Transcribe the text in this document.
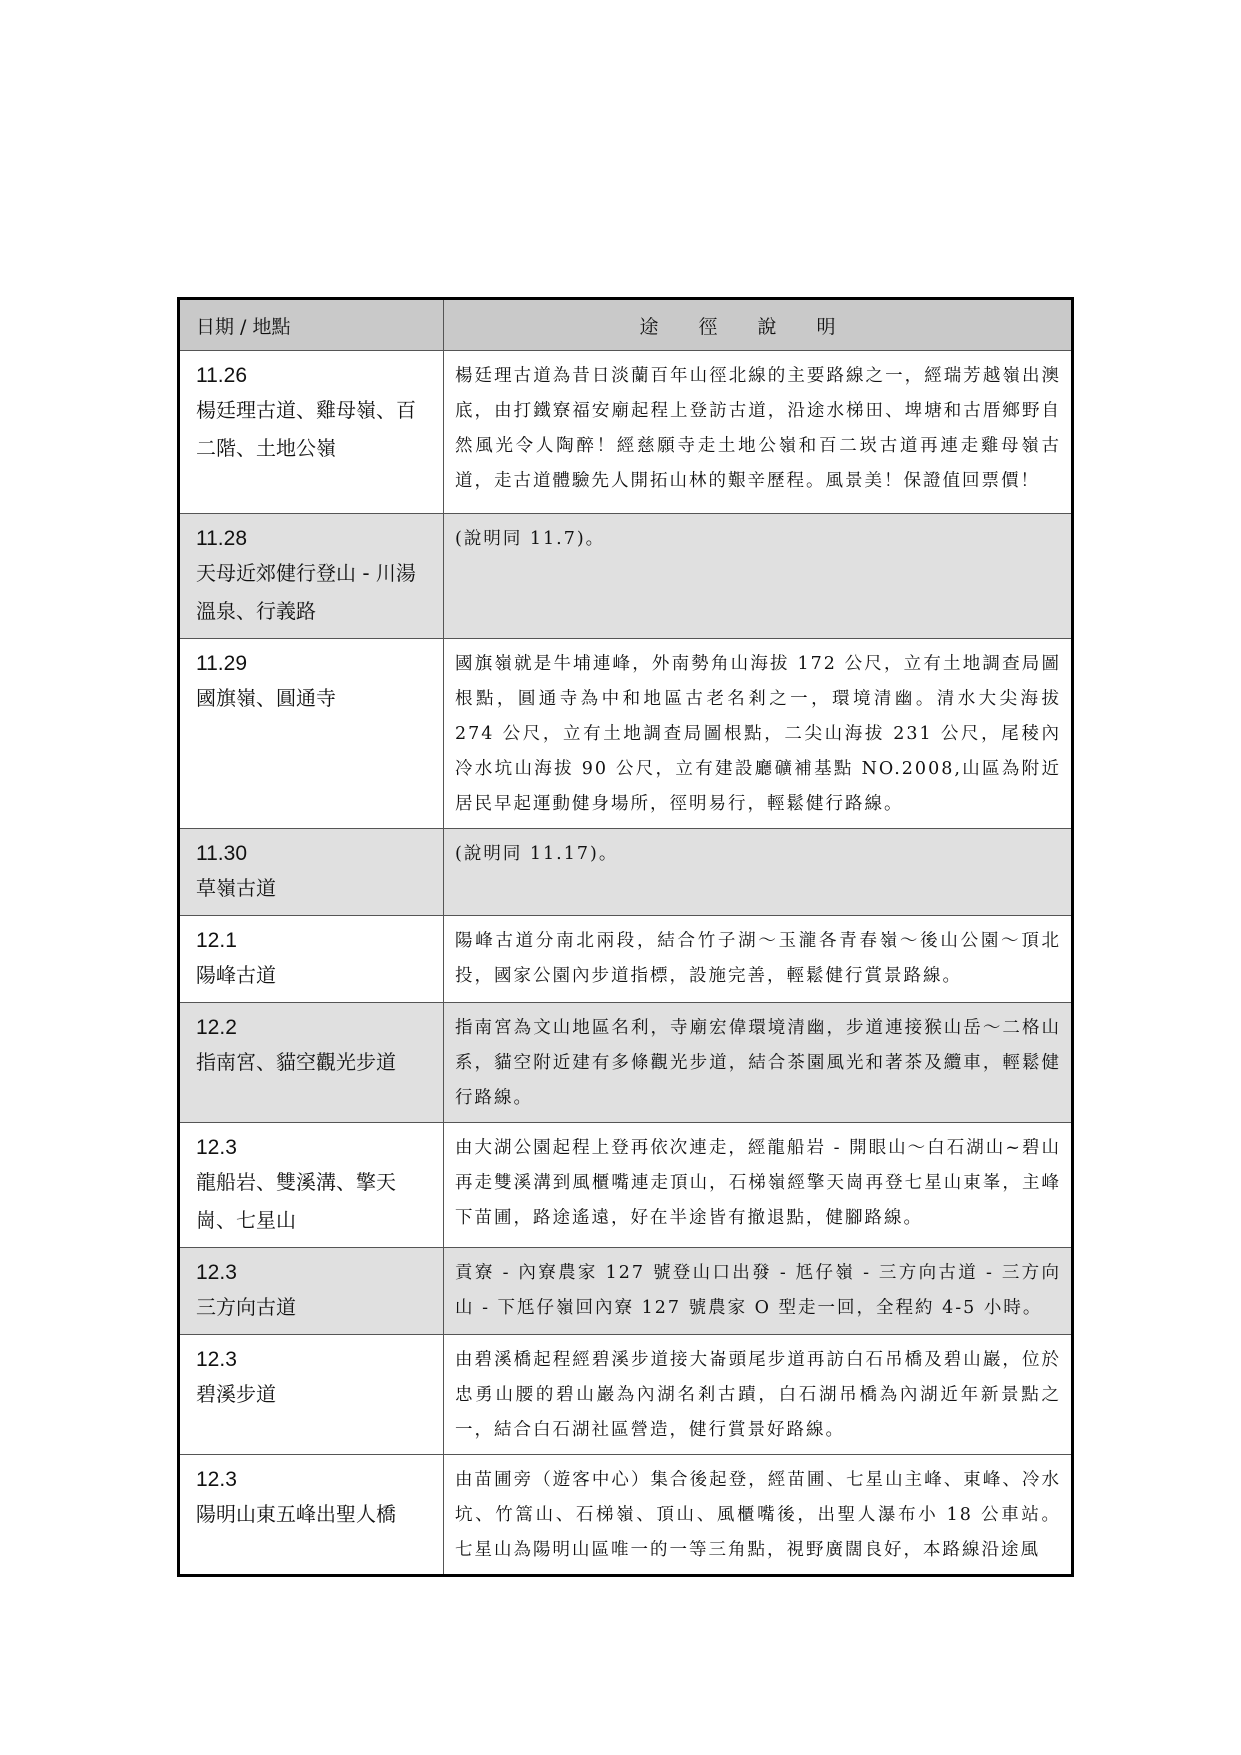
日期 / 地點	途徑說明

11.26
楊廷理古道、雞母嶺、百二階、土地公嶺	楊廷理古道為昔日淡蘭百年山徑北線的主要路線之一，經瑞芳越嶺出澳底，由打鐵寮福安廟起程上登訪古道，沿途水梯田、埤塘和古厝鄉野自然風光令人陶醉！經慈願寺走土地公嶺和百二崁古道再連走雞母嶺古道，走古道體驗先人開拓山林的艱辛歷程。風景美！保證值回票價！

11.28
天母近郊健行登山 - 川湯溫泉、行義路	(說明同 11.7)。

11.29
國旗嶺、圓通寺	國旗嶺就是牛埔連峰，外南勢角山海拔 172 公尺，立有土地調查局圖根點，圓通寺為中和地區古老名剎之一，環境清幽。清水大尖海拔 274 公尺，立有土地調查局圖根點，二尖山海拔 231 公尺，尾稜內冷水坑山海拔 90 公尺，立有建設廳礦補基點 NO.2008,山區為附近居民早起運動健身場所，徑明易行，輕鬆健行路線。

11.30
草嶺古道	(說明同 11.17)。

12.1
陽峰古道	陽峰古道分南北兩段，結合竹子湖～玉瀧各青春嶺～後山公園～頂北投，國家公園內步道指標，設施完善，輕鬆健行賞景路線。

12.2
指南宮、貓空觀光步道	指南宮為文山地區名利，寺廟宏偉環境清幽，步道連接猴山岳～二格山系，貓空附近建有多條觀光步道，結合茶園風光和著茶及纜車，輕鬆健行路線。

12.3
龍船岩、雙溪溝、擎天崗、七星山	由大湖公園起程上登再依次連走，經龍船岩 - 開眼山～白石湖山~碧山再走雙溪溝到風櫃嘴連走頂山，石梯嶺經擎天崗再登七星山東峯，主峰下苗圃，路途遙遠，好在半途皆有撤退點，健腳路線。

12.3
三方向古道	貢寮 - 內寮農家 127 號登山口出發 - 尪仔嶺 - 三方向古道 - 三方向山 - 下尪仔嶺回內寮 127 號農家 O 型走一回，全程約 4-5 小時。

12.3
碧溪步道	由碧溪橋起程經碧溪步道接大崙頭尾步道再訪白石吊橋及碧山巖，位於忠勇山腰的碧山巖為內湖名剎古蹟，白石湖吊橋為內湖近年新景點之一，結合白石湖社區營造，健行賞景好路線。

12.3
陽明山東五峰出聖人橋	由苗圃旁（遊客中心）集合後起登，經苗圃、七星山主峰、東峰、冷水坑、竹篙山、石梯嶺、頂山、風櫃嘴後，出聖人瀑布小 18 公車站。七星山為陽明山區唯一的一等三角點，視野廣闊良好，本路線沿途風
